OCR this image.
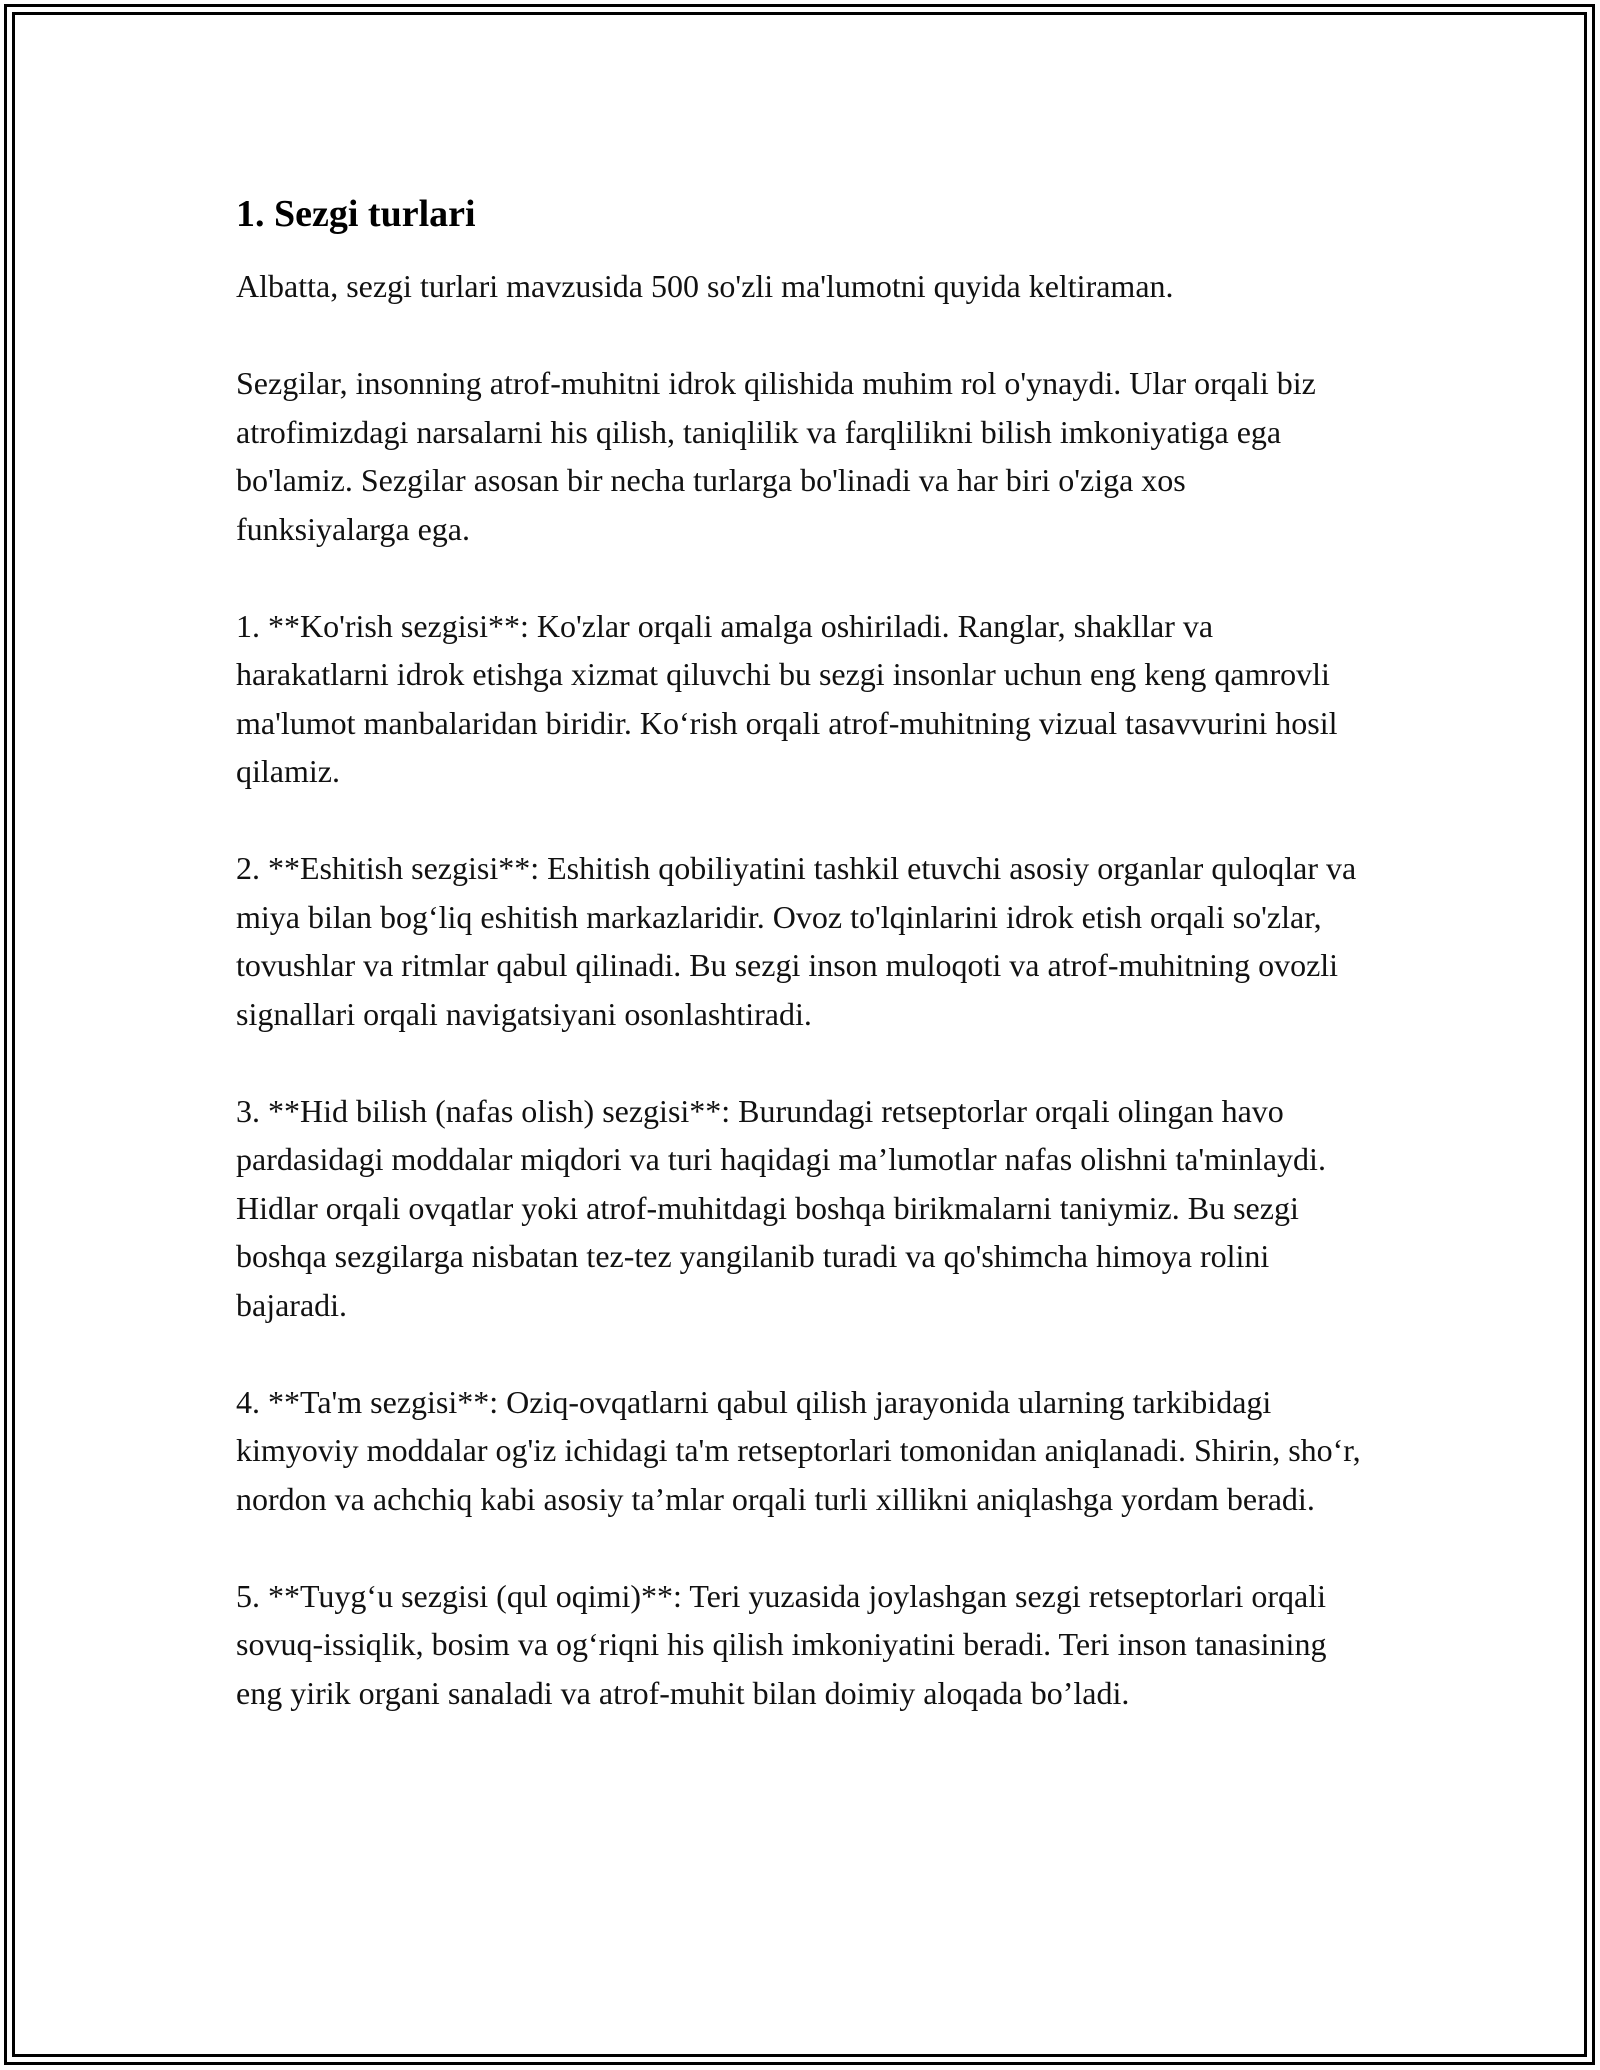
1. Sezgi turlari

Albatta, sezgi turlari mavzusida 500 so'zli ma'lumotni quyida keltiraman.

Sezgilar, insonning atrof-muhitni idrok qilishida muhim rol o'ynaydi. Ular orqali biz atrofimizdagi narsalarni his qilish, taniqlilik va farqlilikni bilish imkoniyatiga ega bo'lamiz. Sezgilar asosan bir necha turlarga bo'linadi va har biri o'ziga xos funksiyalarga ega.

1. **Ko'rish sezgisi**: Ko'zlar orqali amalga oshiriladi. Ranglar, shakllar va harakatlarni idrok etishga xizmat qiluvchi bu sezgi insonlar uchun eng keng qamrovli ma'lumot manbalaridan biridir. Ko‘rish orqali atrof-muhitning vizual tasavvurini hosil qilamiz.

2. **Eshitish sezgisi**: Eshitish qobiliyatini tashkil etuvchi asosiy organlar quloqlar va miya bilan bog‘liq eshitish markazlaridir. Ovoz to'lqinlarini idrok etish orqali so'zlar, tovushlar va ritmlar qabul qilinadi. Bu sezgi inson muloqoti va atrof-muhitning ovozli signallari orqali navigatsiyani osonlashtiradi.

3. **Hid bilish (nafas olish) sezgisi**: Burundagi retseptorlar orqali olingan havo pardasidagi moddalar miqdori va turi haqidagi ma’lumotlar nafas olishni ta'minlaydi. Hidlar orqali ovqatlar yoki atrof-muhitdagi boshqa birikmalarni taniymiz. Bu sezgi boshqa sezgilarga nisbatan tez-tez yangilanib turadi va qo'shimcha himoya rolini bajaradi.

4. **Ta'm sezgisi**: Oziq-ovqatlarni qabul qilish jarayonida ularning tarkibidagi kimyoviy moddalar og'iz ichidagi ta'm retseptorlari tomonidan aniqlanadi. Shirin, sho‘r, nordon va achchiq kabi asosiy ta’mlar orqali turli xillikni aniqlashga yordam beradi.

5. **Tuyg‘u sezgisi (qul oqimi)**: Teri yuzasida joylashgan sezgi retseptorlari orqali sovuq-issiqlik, bosim va og‘riqni his qilish imkoniyatini beradi. Teri inson tanasining eng yirik organi sanaladi va atrof-muhit bilan doimiy aloqada bo’ladi.
